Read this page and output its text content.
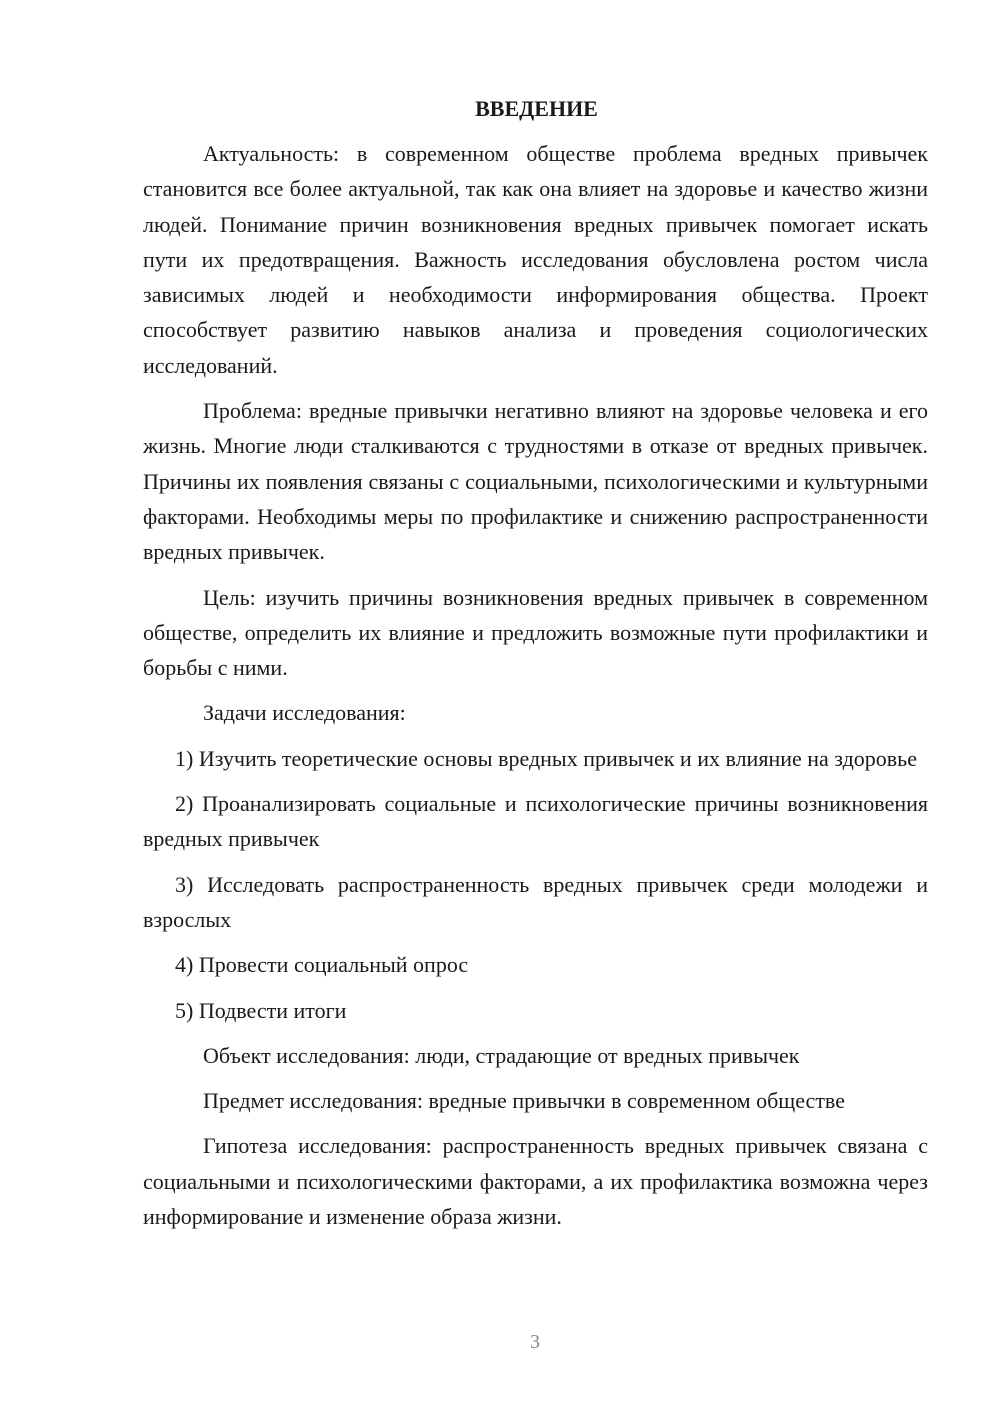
ВВЕДЕНИЕ

Актуальность: в современном обществе проблема вредных привычек становится все более актуальной, так как она влияет на здоровье и качество жизни людей. Понимание причин возникновения вредных привычек помогает искать пути их предотвращения. Важность исследования обусловлена ростом числа зависимых людей и необходимости информирования общества. Проект способствует развитию навыков анализа и проведения социологических исследований.

Проблема: вредные привычки негативно влияют на здоровье человека и его жизнь. Многие люди сталкиваются с трудностями в отказе от вредных привычек. Причины их появления связаны с социальными, психологическими и культурными факторами. Необходимы меры по профилактике и снижению распространенности вредных привычек.

Цель: изучить причины возникновения вредных привычек в современном обществе, определить их влияние и предложить возможные пути профилактики и борьбы с ними.

Задачи исследования:

1) Изучить теоретические основы вредных привычек и их влияние на здоровье

2) Проанализировать социальные и психологические причины возникновения вредных привычек

3) Исследовать распространенность вредных привычек среди молодежи и взрослых

4) Провести социальный опрос

5) Подвести итоги

Объект исследования: люди, страдающие от вредных привычек

Предмет исследования: вредные привычки в современном обществе

Гипотеза исследования: распространенность вредных привычек связана с социальными и психологическими факторами, а их профилактика возможна через информирование и изменение образа жизни.

3
